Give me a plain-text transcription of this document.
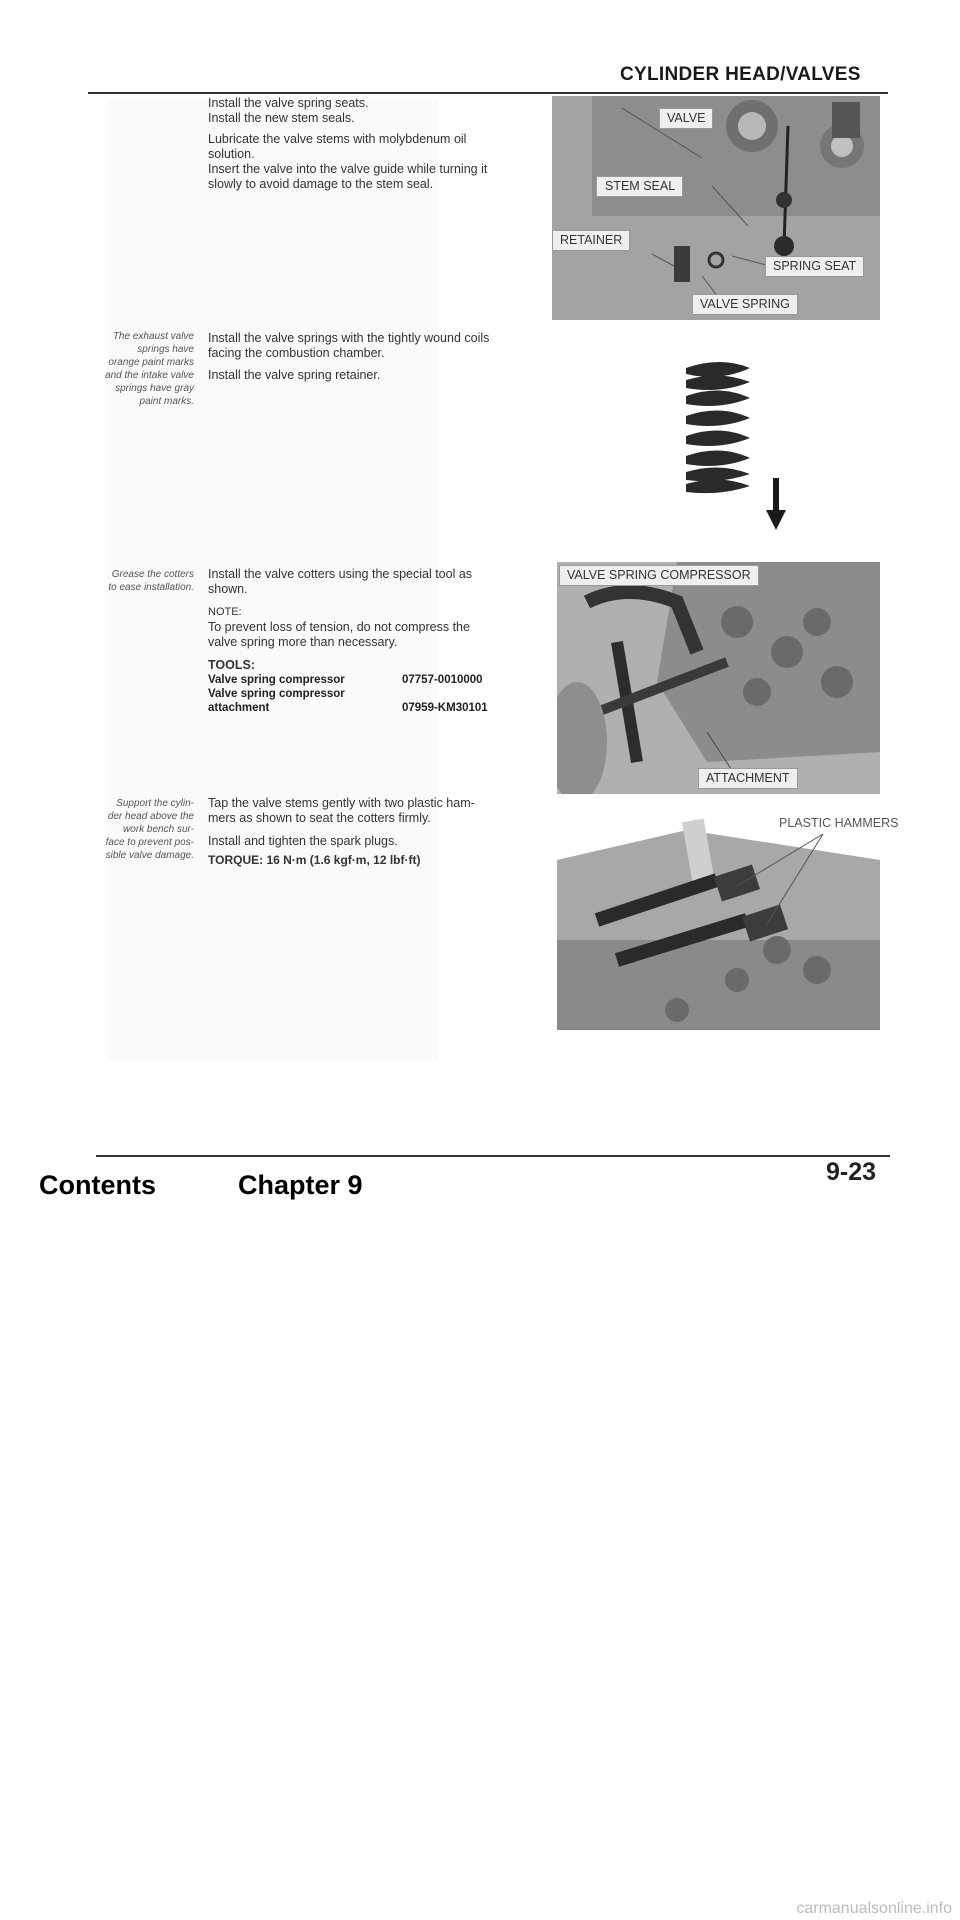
CYLINDER HEAD/VALVES
Install the valve spring seats.
Install the new stem seals.
Lubricate the valve stems with molybdenum oil
solution.
Insert the valve into the valve guide while turning it
slowly to avoid damage to the stem seal.
VALVE
STEM SEAL
RETAINER
SPRING SEAT
VALVE SPRING
The exhaust valve
springs have
orange paint marks
and the intake valve
springs have gray
paint marks.
Install the valve springs with the tightly wound coils
facing the combustion chamber.
Install the valve spring retainer.
Grease the cotters
to ease installation.
Install the valve cotters using the special tool as
shown.
NOTE:
To prevent loss of tension, do not compress the
valve spring more than necessary.
TOOLS:
Valve spring compressor	07757-0010000
Valve spring compressor
attachment	07959-KM30101
VALVE SPRING COMPRESSOR
ATTACHMENT
Support the cylin-
der head above the
work bench sur-
face to prevent pos-
sible valve damage.
Tap the valve stems gently with two plastic ham-
mers as shown to seat the cotters firmly.
Install and tighten the spark plugs.
TORQUE: 16 N·m (1.6 kgf·m, 12 lbf·ft)
PLASTIC HAMMERS
9-23
Contents	Chapter 9
carmanualsonline.info
